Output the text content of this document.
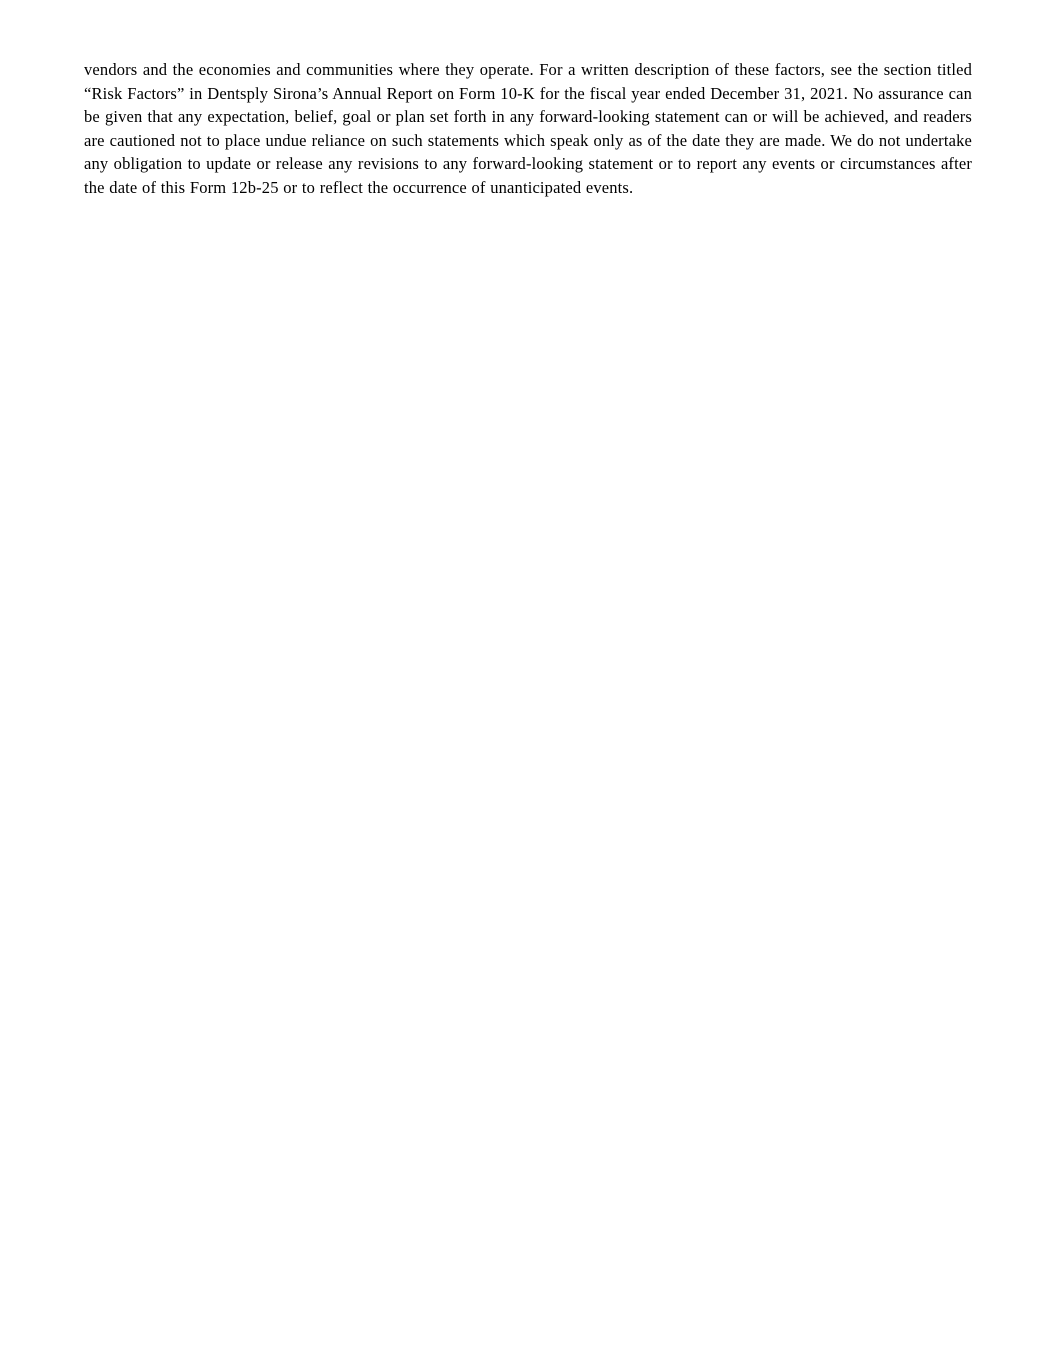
vendors and the economies and communities where they operate. For a written description of these factors, see the section titled “Risk Factors” in Dentsply Sirona’s Annual Report on Form 10-K for the fiscal year ended December 31, 2021. No assurance can be given that any expectation, belief, goal or plan set forth in any forward-looking statement can or will be achieved, and readers are cautioned not to place undue reliance on such statements which speak only as of the date they are made. We do not undertake any obligation to update or release any revisions to any forward-looking statement or to report any events or circumstances after the date of this Form 12b-25 or to reflect the occurrence of unanticipated events.
